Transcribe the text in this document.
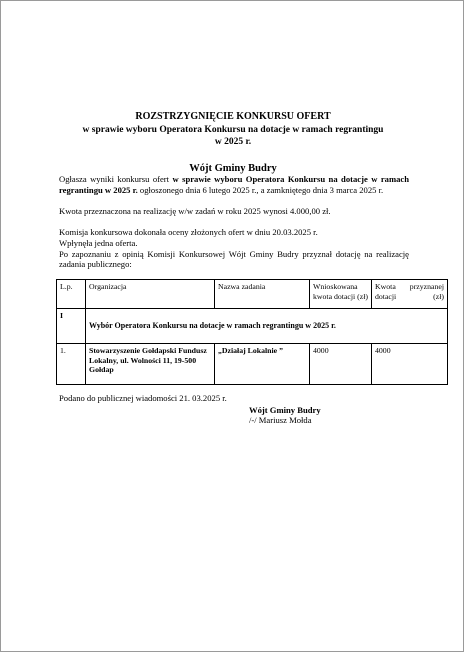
ROZSTRZYGNIĘCIE KONKURSU OFERT
w sprawie wyboru Operatora Konkursu na dotacje w ramach regrantingu
w 2025 r.
Wójt Gminy Budry
Ogłasza wyniki konkursu ofert w sprawie wyboru Operatora Konkursu na dotacje w ramach regrantingu w 2025 r. ogłoszonego dnia 6 lutego 2025 r., a zamkniętego dnia 3 marca 2025 r.
Kwota przeznaczona na realizację w/w zadań w roku 2025 wynosi 4.000,00 zł.
Komisja konkursowa dokonała oceny złożonych ofert w dniu 20.03.2025 r.
Wpłynęła jedna oferta.
Po zapoznaniu z opinią Komisji Konkursowej Wójt Gminy Budry przyznał dotację na realizację zadania publicznego:
L.p.	Organizacja	Nazwa zadania	Wnioskowana kwota dotacji (zł)	Kwota przyznanej dotacji (zł)
I	Wybór Operatora Konkursu na dotacje w ramach regrantingu w 2025 r.			
1.	Stowarzyszenie Gołdapski Fundusz Lokalny, ul. Wolności 11, 19-500 Gołdap	„Działaj Lokalnie ”	4000	4000
Podano do publicznej wiadomości 21. 03.2025 r.
Wójt Gminy Budry
/-/ Mariusz Mołda
